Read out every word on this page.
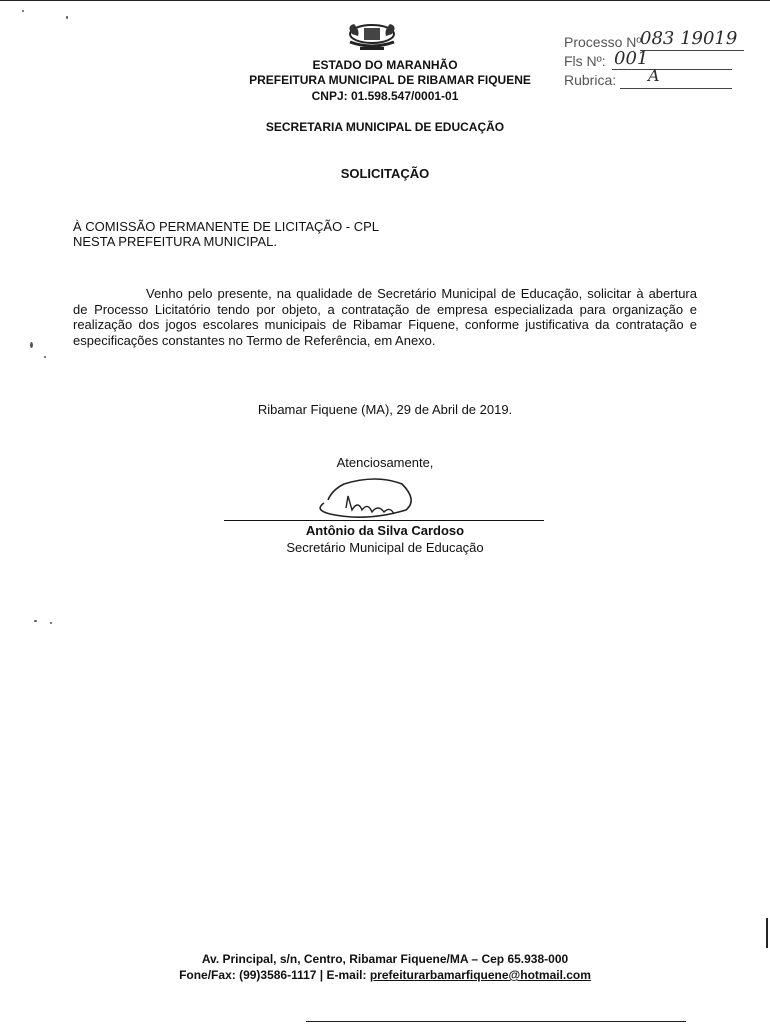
ESTADO DO MARANHÃO
PREFEITURA MUNICIPAL DE RIBAMAR FIQUENE
CNPJ: 01.598.547/0001-01
Processo Nº
083 19019
Fls Nº: 001
Rubrica: A
SECRETARIA MUNICIPAL DE EDUCAÇÃO
SOLICITAÇÃO
À COMISSÃO PERMANENTE DE LICITAÇÃO - CPL
NESTA PREFEITURA MUNICIPAL.
Venho pelo presente, na qualidade de Secretário Municipal de Educação, solicitar à abertura de Processo Licitatório tendo por objeto, a contratação de empresa especializada para organização e realização dos jogos escolares municipais de Ribamar Fiquene, conforme justificativa da contratação e especificações constantes no Termo de Referência, em Anexo.
Ribamar Fiquene (MA), 29 de Abril de 2019.
Atenciosamente,
Antônio da Silva Cardoso
Secretário Municipal de Educação
Av. Principal, s/n, Centro, Ribamar Fiquene/MA – Cep 65.938-000
Fone/Fax: (99)3586-1117 | E-mail: prefeiturarbamarfiquene@hotmail.com
